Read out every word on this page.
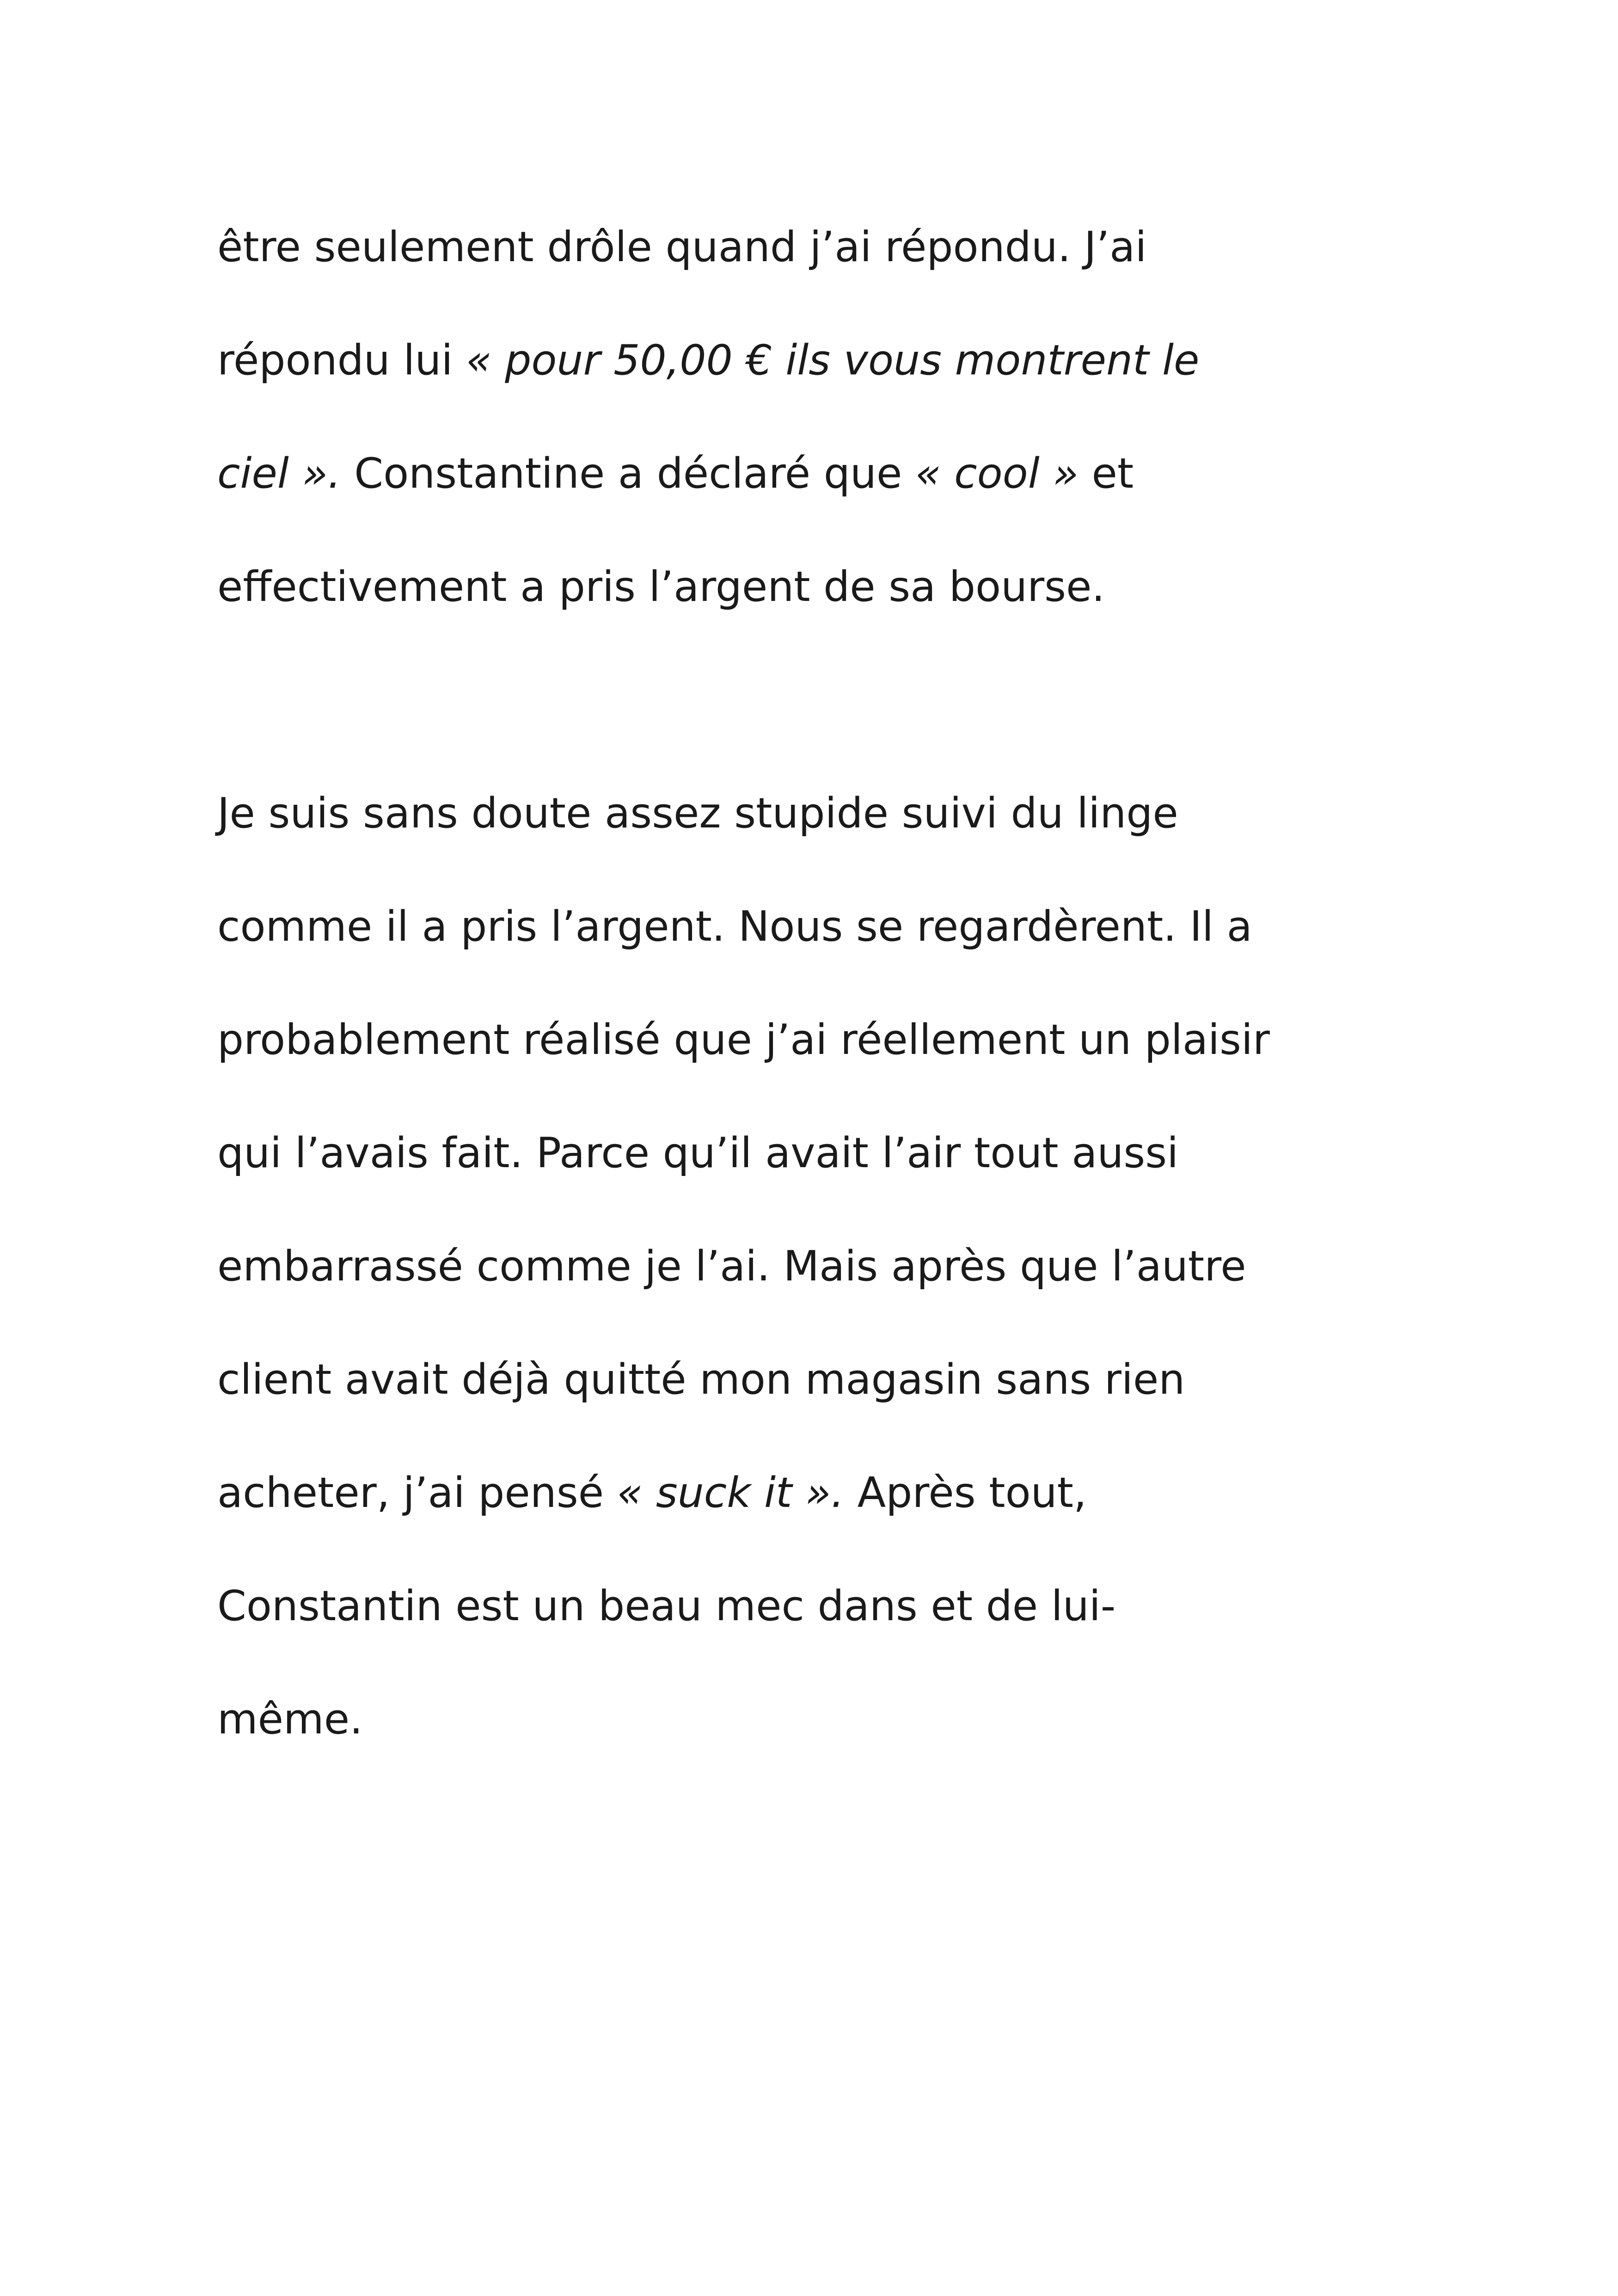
être seulement drôle quand j’ai répondu. J’ai
répondu lui « pour 50,00 € ils vous montrent le
ciel ». Constantine a déclaré que « cool » et
effectivement a pris l’argent de sa bourse.
Je suis sans doute assez stupide suivi du linge
comme il a pris l’argent. Nous se regardèrent. Il a
probablement réalisé que j’ai réellement un plaisir
qui l’avais fait. Parce qu’il avait l’air tout aussi
embarrassé comme je l’ai. Mais après que l’autre
client avait déjà quitté mon magasin sans rien
acheter, j’ai pensé « suck it ». Après tout,
Constantin est un beau mec dans et de lui-
même.
